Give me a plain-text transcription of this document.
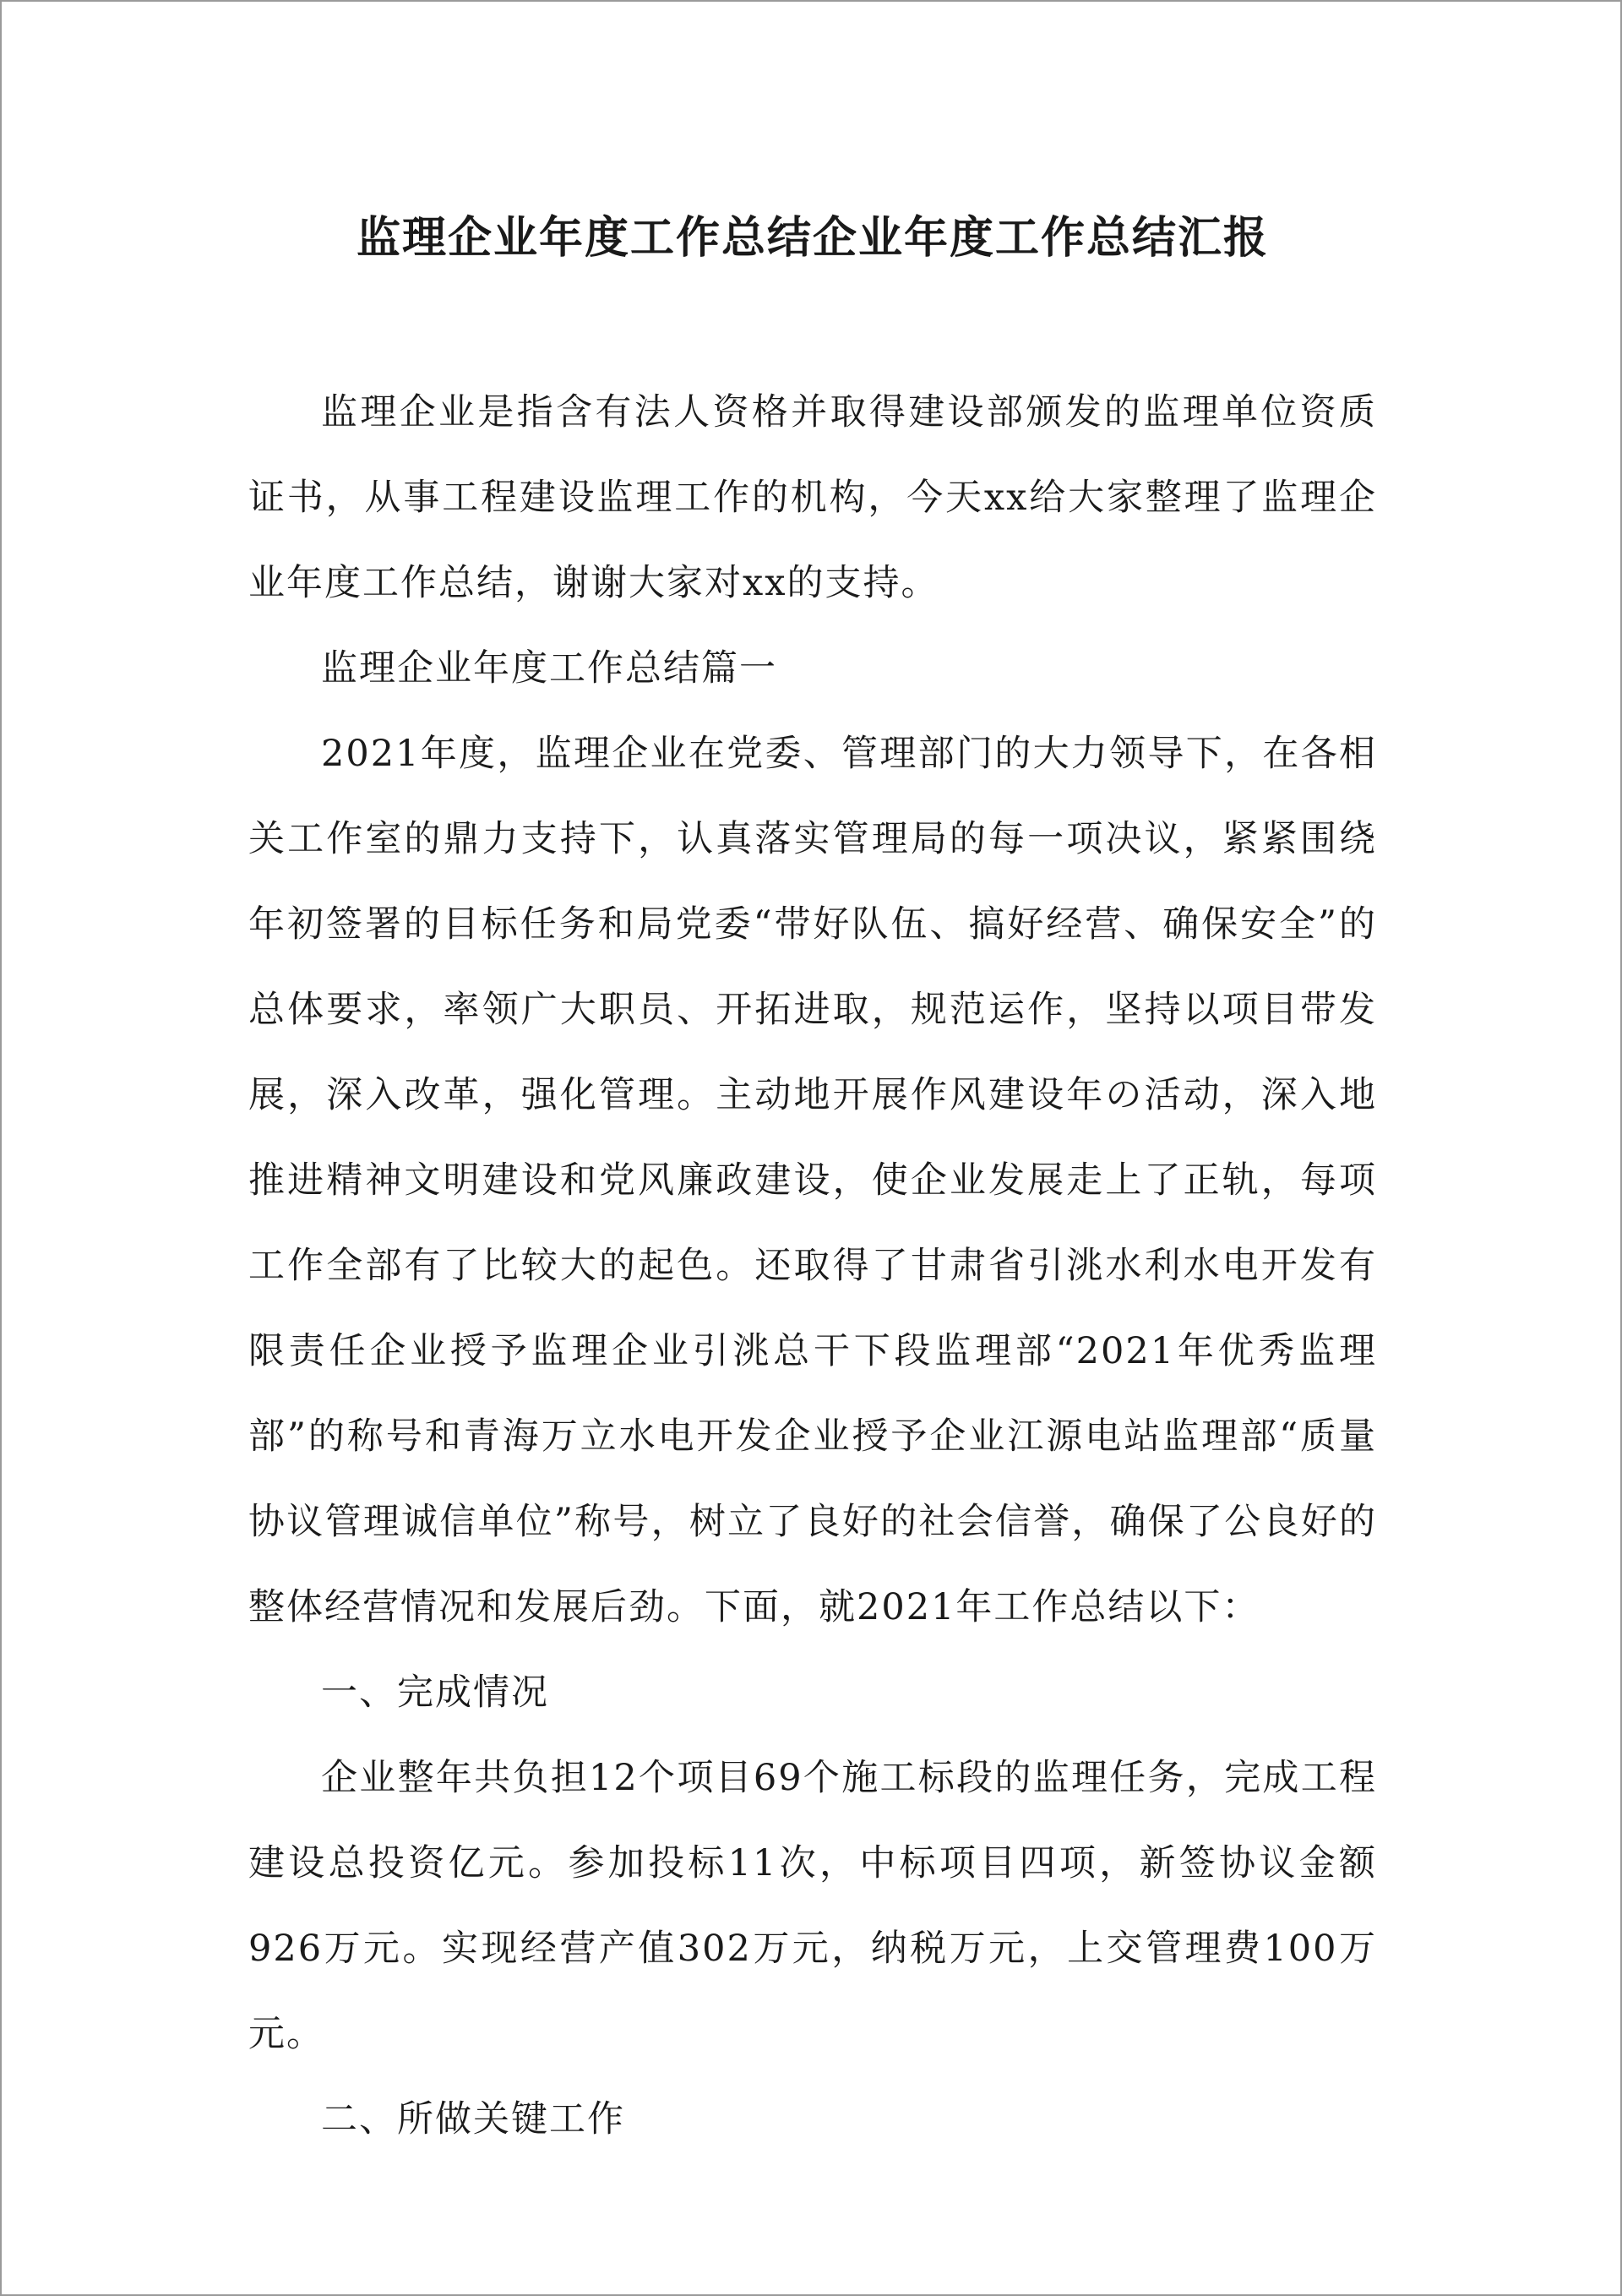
监理企业年度工作总结企业年度工作总结汇报

监理企业是指含有法人资格并取得建设部颁发的监理单位资质证书，从事工程建设监理工作的机构，今天xx给大家整理了监理企业年度工作总结，谢谢大家对xx的支持。

监理企业年度工作总结篇一

2021年度，监理企业在党委、管理部门的大力领导下，在各相关工作室的鼎力支持下，认真落实管理局的每一项决议，紧紧围绕年初签署的目标任务和局党委“带好队伍、搞好经营、确保安全”的总体要求，率领广大职员、开拓进取，规范运作，坚持以项目带发展，深入改革，强化管理。主动地开展作风建设年の活动，深入地推进精神文明建设和党风廉政建设，使企业发展走上了正轨，每项工作全部有了比较大的起色。还取得了甘肃省引洮水利水电开发有限责任企业授予监理企业引洮总干下段监理部“2021年优秀监理部”的称号和青海万立水电开发企业授予企业江源电站监理部“质量协议管理诚信单位”称号，树立了良好的社会信誉，确保了公良好的整体经营情况和发展后劲。下面，就2021年工作总结以下：

一、完成情况

企业整年共负担12个项目69个施工标段的监理任务，完成工程建设总投资亿元。参加投标11次，中标项目四项，新签协议金额926万元。实现经营产值302万元，纳税万元，上交管理费100万元。

二、所做关键工作
